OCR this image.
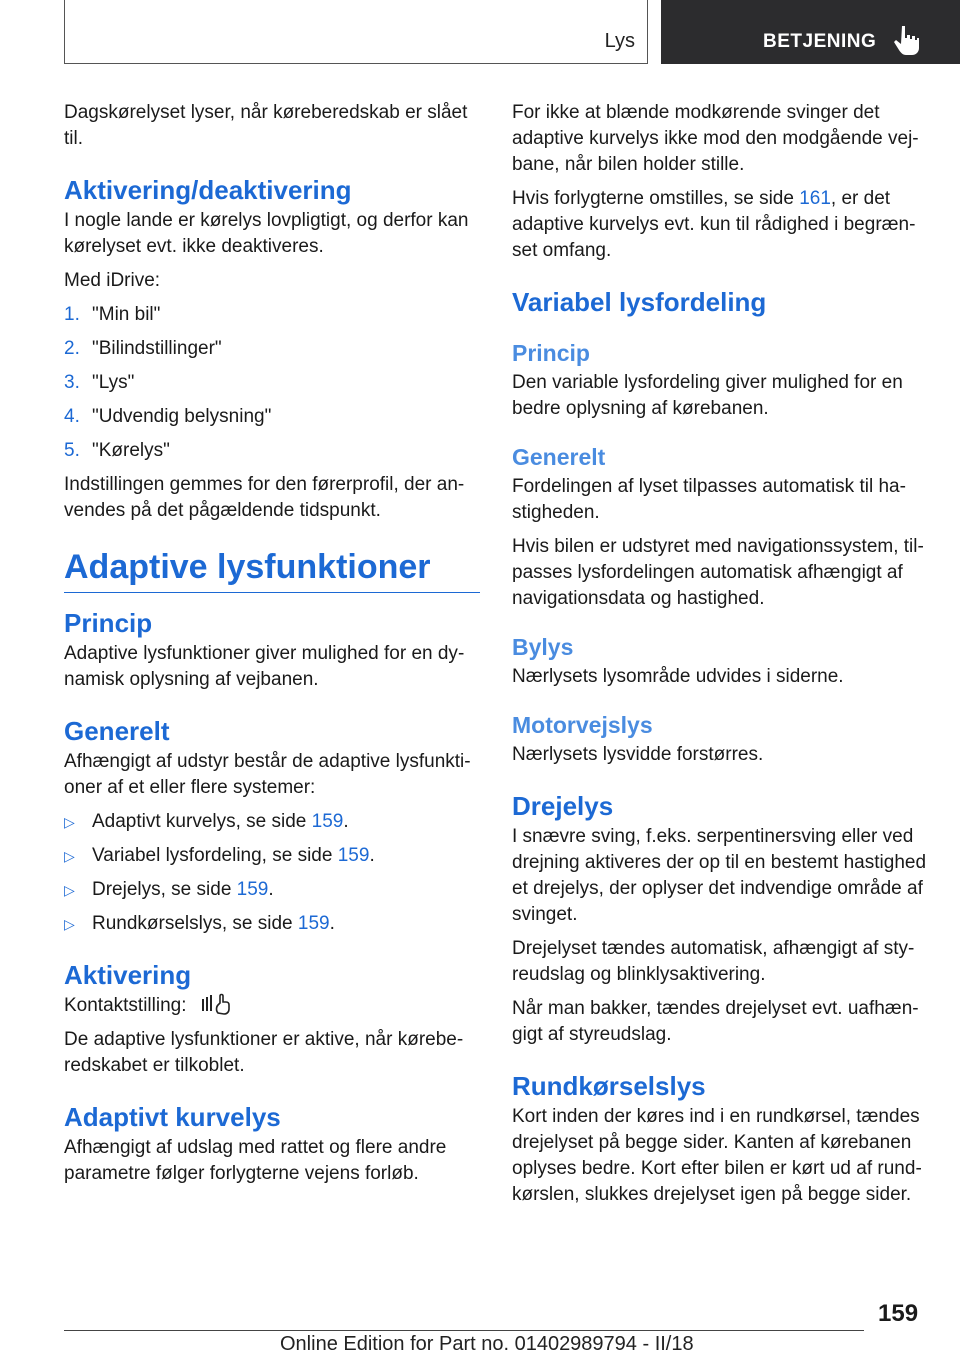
Lys	BETJENING

Dagskørelyset lyser, når køreberedskab er slået til.

Aktivering/deaktivering

I nogle lande er kørelys lovpligtigt, og derfor kan kørelyset evt. ikke deaktiveres.

Med iDrive:

1. "Min bil"
2. "Bilindstillinger"
3. "Lys"
4. "Udvendig belysning"
5. "Kørelys"

Indstillingen gemmes for den førerprofil, der anvendes på det pågældende tidspunkt.

Adaptive lysfunktioner
Princip

Adaptive lysfunktioner giver mulighed for en dynamisk oplysning af vejbanen.

Generelt

Afhængigt af udstyr består de adaptive lysfunktioner af et eller flere systemer:

▷ Adaptivt kurvelys, se side 159.
▷ Variabel lysfordeling, se side 159.
▷ Drejelys, se side 159.
▷ Rundkørselslys, se side 159.
Aktivering

Kontaktstilling:

De adaptive lysfunktioner er aktive, når køreberedskabet er tilkoblet.

Adaptivt kurvelys

Afhængigt af udslag med rattet og flere andre parametre følger forlygterne vejens forløb.

For ikke at blænde modkørende svinger det adaptive kurvelys ikke mod den modgående vejbane, når bilen holder stille.

Hvis forlygterne omstilles, se side 161, er det adaptive kurvelys evt. kun til rådighed i begrænset omfang.

Variabel lysfordeling
Princip

Den variable lysfordeling giver mulighed for en bedre oplysning af kørebanen.

Generelt

Fordelingen af lyset tilpasses automatisk til hastigheden.

Hvis bilen er udstyret med navigationssystem, tilpasses lysfordelingen automatisk afhængigt af navigationsdata og hastighed.

Bylys

Nærlysets lysområde udvides i siderne.

Motorvejslys

Nærlysets lysvidde forstørres.

Drejelys

I snævre sving, f.eks. serpentinersving eller ved drejning aktiveres der op til en bestemt hastighed et drejelys, der oplyser det indvendige område af svinget.

Drejelyset tændes automatisk, afhængigt af styreudslag og blinklysaktivering.

Når man bakker, tændes drejelyset evt. uafhængigt af styreudslag.

Rundkørselslys

Kort inden der køres ind i en rundkørsel, tændes drejelyset på begge sider. Kanten af kørebanen oplyses bedre. Kort efter bilen er kørt ud af rundkørslen, slukkes drejelyset igen på begge sider.

159
Online Edition for Part no. 01402989794 - II/18
